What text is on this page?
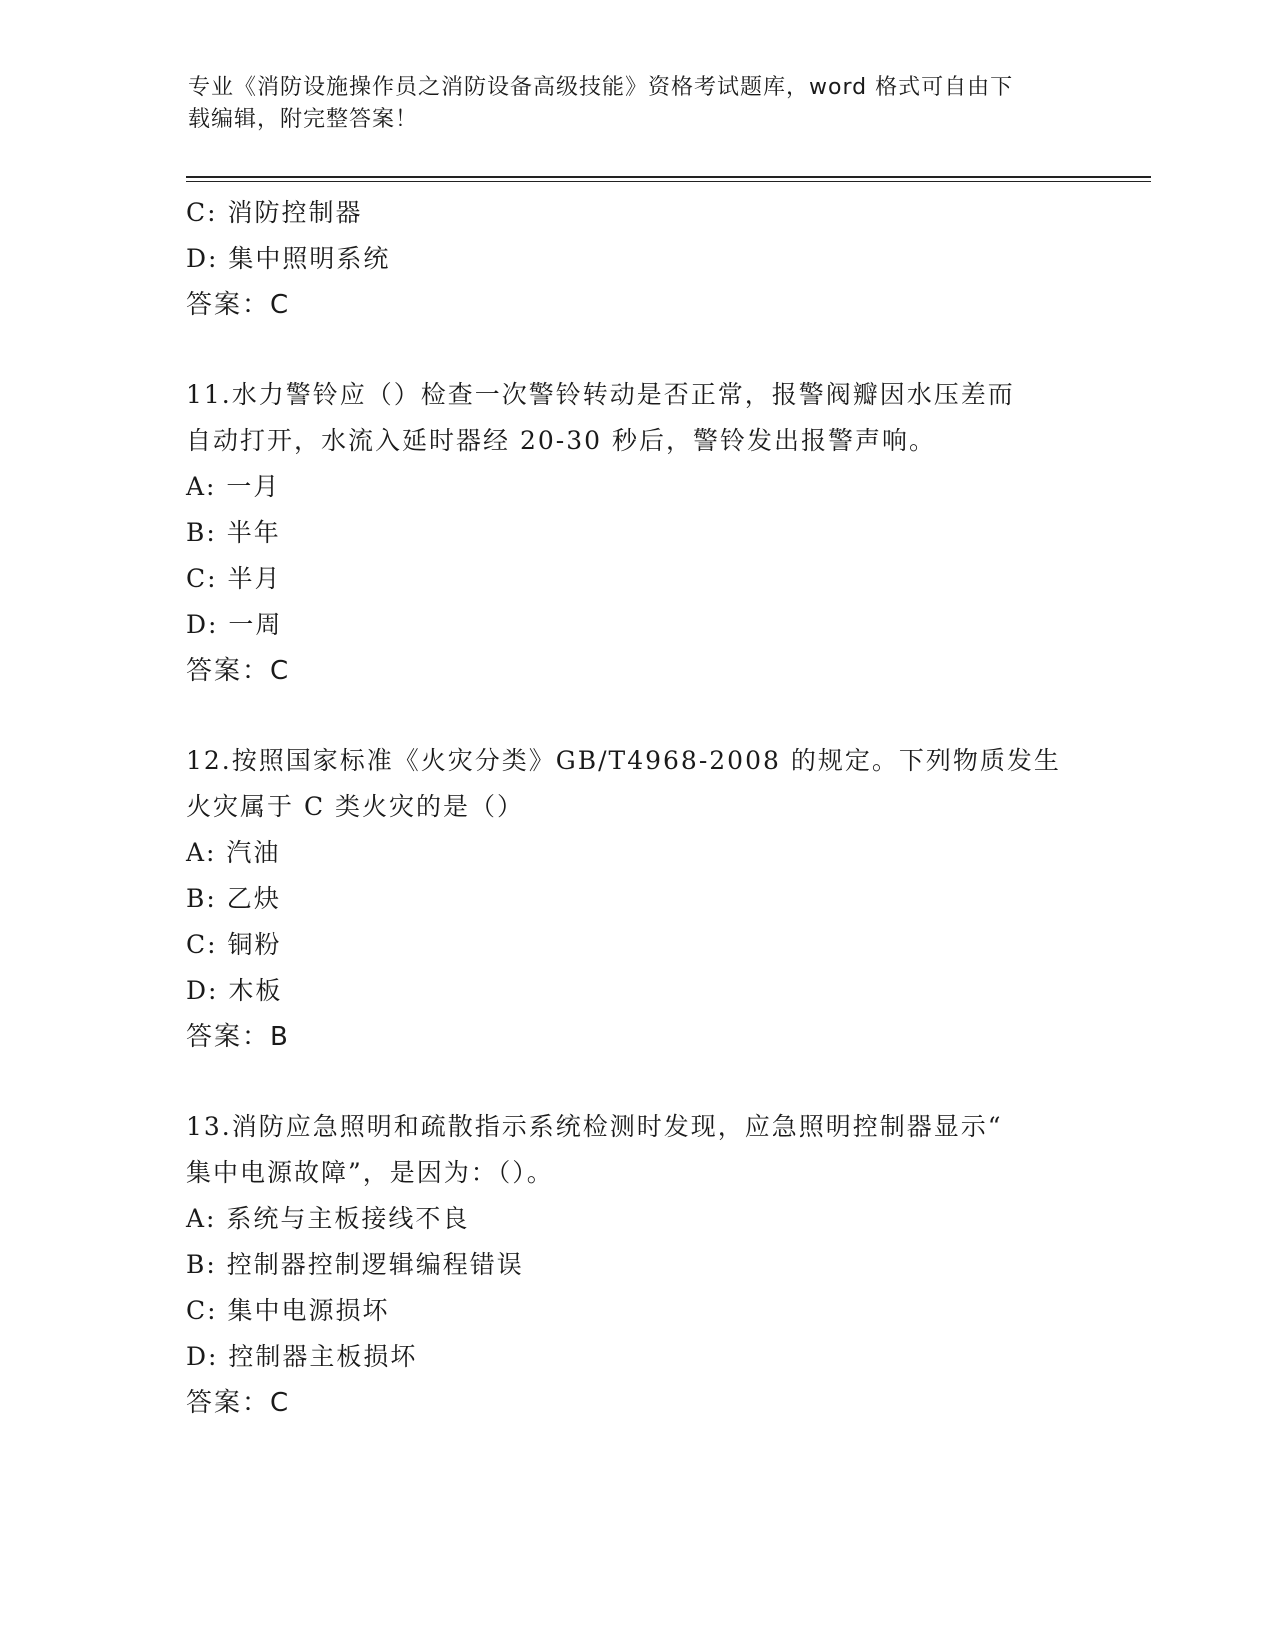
专业《消防设施操作员之消防设备高级技能》资格考试题库，word 格式可自由下
载编辑，附完整答案！
C: 消防控制器
D: 集中照明系统
答案：C
11.水力警铃应（）检查一次警铃转动是否正常，报警阀瓣因水压差而
自动打开，水流入延时器经 20-30 秒后，警铃发出报警声响。
A: 一月
B: 半年
C: 半月
D: 一周
答案：C
12.按照国家标准《火灾分类》GB/T4968-2008 的规定。下列物质发生
火灾属于 C 类火灾的是（）
A: 汽油
B: 乙炔
C: 铜粉
D: 木板
答案：B
13.消防应急照明和疏散指示系统检测时发现，应急照明控制器显示“
集中电源故障”，是因为：（）。
A: 系统与主板接线不良
B: 控制器控制逻辑编程错误
C: 集中电源损坏
D: 控制器主板损坏
答案：C
